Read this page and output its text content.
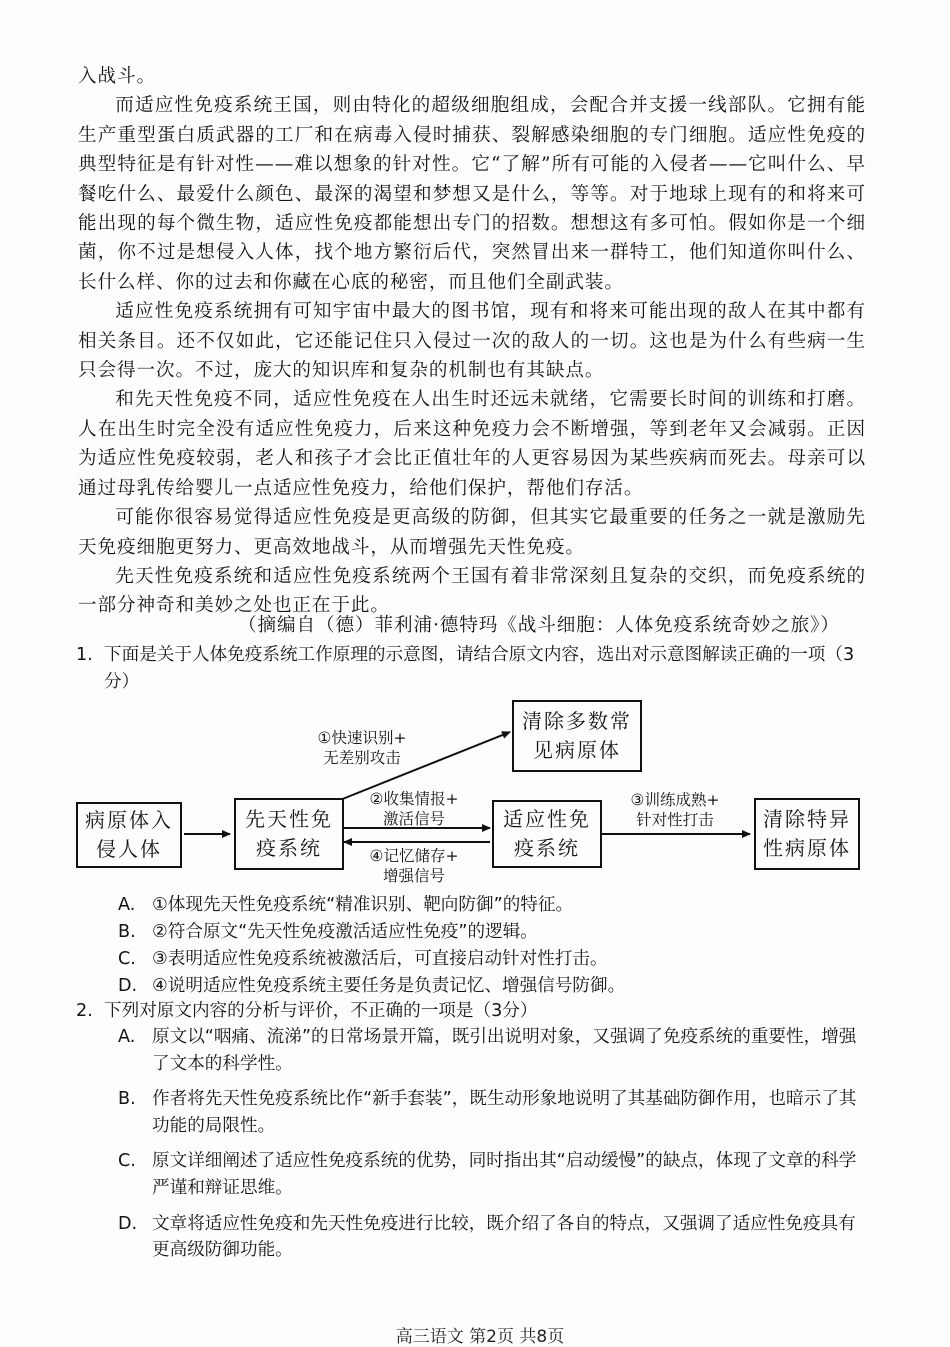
入战斗。

而适应性免疫系统王国，则由特化的超级细胞组成，会配合并支援一线部队。它拥有能生产重型蛋白质武器的工厂和在病毒入侵时捕获、裂解感染细胞的专门细胞。适应性免疫的典型特征是有针对性——难以想象的针对性。它“了解”所有可能的入侵者——它叫什么、早餐吃什么、最爱什么颜色、最深的渴望和梦想又是什么，等等。对于地球上现有的和将来可能出现的每个微生物，适应性免疫都能想出专门的招数。想想这有多可怕。假如你是一个细菌，你不过是想侵入人体，找个地方繁衍后代，突然冒出来一群特工，他们知道你叫什么、长什么样、你的过去和你藏在心底的秘密，而且他们全副武装。

适应性免疫系统拥有可知宇宙中最大的图书馆，现有和将来可能出现的敌人在其中都有相关条目。还不仅如此，它还能记住只入侵过一次的敌人的一切。这也是为什么有些病一生只会得一次。不过，庞大的知识库和复杂的机制也有其缺点。

和先天性免疫不同，适应性免疫在人出生时还远未就绪，它需要长时间的训练和打磨。人在出生时完全没有适应性免疫力，后来这种免疫力会不断增强，等到老年又会减弱。正因为适应性免疫较弱，老人和孩子才会比正值壮年的人更容易因为某些疾病而死去。母亲可以通过母乳传给婴儿一点适应性免疫力，给他们保护，帮他们存活。

可能你很容易觉得适应性免疫是更高级的防御，但其实它最重要的任务之一就是激励先天免疫细胞更努力、更高效地战斗，从而增强先天性免疫。

先天性免疫系统和适应性免疫系统两个王国有着非常深刻且复杂的交织，而免疫系统的一部分神奇和美妙之处也正在于此。

（摘编自（德）菲利浦·德特玛《战斗细胞：人体免疫系统奇妙之旅》）
1. 下面是关于人体免疫系统工作原理的示意图，请结合原文内容，选出对示意图解读正确的一项（3分）
病原体入侵人体
先天性免疫系统
清除多数常见病原体
适应性免疫系统
清除特异性病原体
①快速识别+
无差别攻击
②收集情报+
激活信号
④记忆储存+
增强信号
③训练成熟+
针对性打击
A. ①体现先天性免疫系统“精准识别、靶向防御”的特征。
B. ②符合原文“先天性免疫激活适应性免疫”的逻辑。
C. ③表明适应性免疫系统被激活后，可直接启动针对性打击。
D. ④说明适应性免疫系统主要任务是负责记忆、增强信号防御。
2. 下列对原文内容的分析与评价，不正确的一项是（3分）
A. 原文以“咽痛、流涕”的日常场景开篇，既引出说明对象，又强调了免疫系统的重要性，增强了文本的科学性。
B. 作者将先天性免疫系统比作“新手套装”，既生动形象地说明了其基础防御作用，也暗示了其功能的局限性。
C. 原文详细阐述了适应性免疫系统的优势，同时指出其“启动缓慢”的缺点，体现了文章的科学严谨和辩证思维。
D. 文章将适应性免疫和先天性免疫进行比较，既介绍了各自的特点，又强调了适应性免疫具有更高级防御功能。
高三语文 第2页 共8页
